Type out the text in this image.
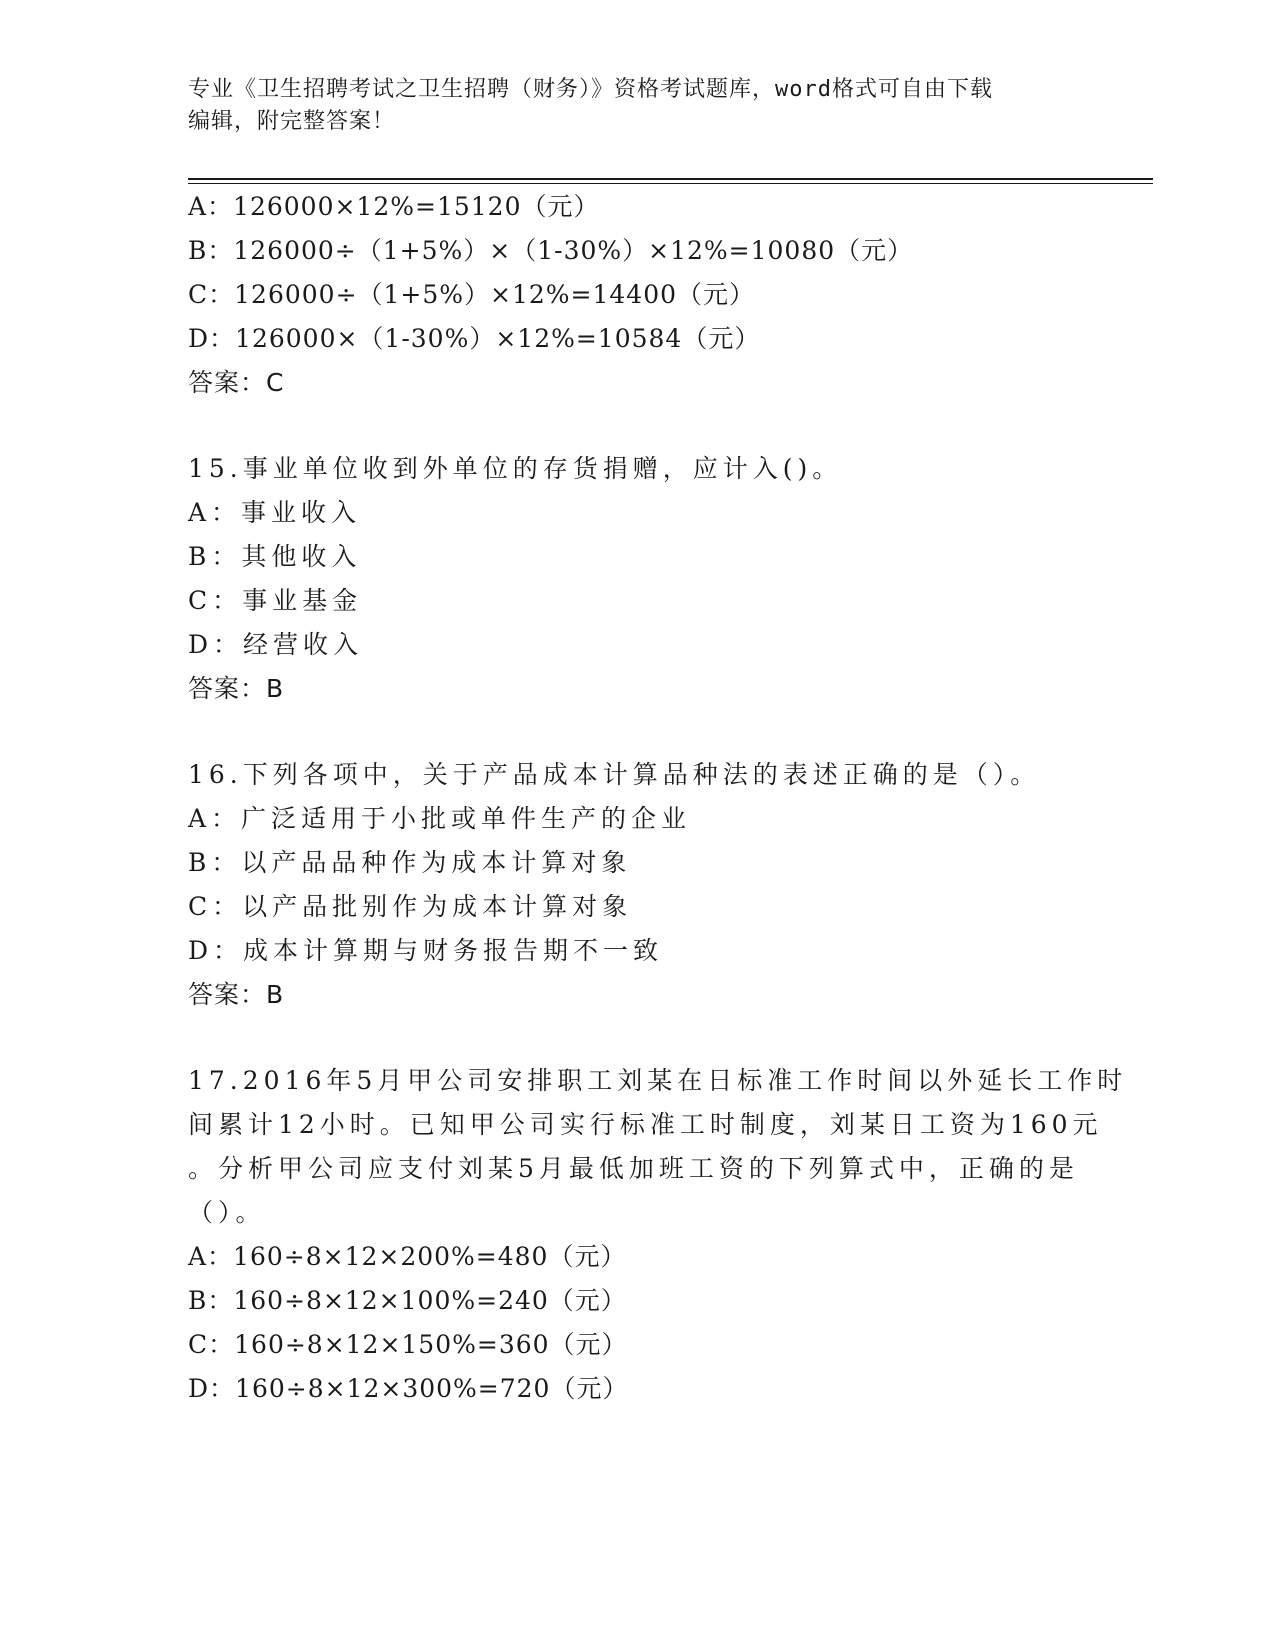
专业《卫生招聘考试之卫生招聘（财务）》资格考试题库，word格式可自由下载

编辑，附完整答案！

A：126000×12%=15120（元）

B：126000÷（1+5%）×（1-30%）×12%=10080（元）

C：126000÷（1+5%）×12%=14400（元）

D：126000×（1-30%）×12%=10584（元）

答案：C

15.事业单位收到外单位的存货捐赠，应计入()。

A：事业收入

B：其他收入

C：事业基金

D：经营收入

答案：B

16.下列各项中，关于产品成本计算品种法的表述正确的是（）。

A：广泛适用于小批或单件生产的企业

B：以产品品种作为成本计算对象

C：以产品批别作为成本计算对象

D：成本计算期与财务报告期不一致

答案：B

17.2016年5月甲公司安排职工刘某在日标准工作时间以外延长工作时

间累计12小时。已知甲公司实行标准工时制度，刘某日工资为160元

。分析甲公司应支付刘某5月最低加班工资的下列算式中，正确的是

（）。

A：160÷8×12×200%=480（元）

B：160÷8×12×100%=240（元）

C：160÷8×12×150%=360（元）

D：160÷8×12×300%=720（元）
